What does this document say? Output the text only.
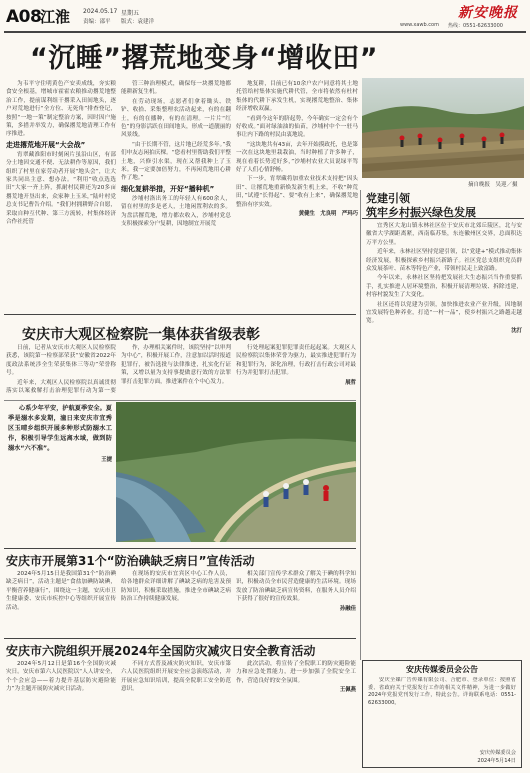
A08
江淮 2024.05.17 星期五
责编：邵平 版式：袁建洋
新安晚报
www.xawb.com 热线：0551-62633000
“沉睡”撂荒地变身“增收田”

为韦平守住明黄色产安卖成线，夯实粮食安全根基，增城市霍霍农粮推动撂荒地整治工作，提前谋利组干撂采入田间地头，逐户对荒地进行“全方位、无死角”排查登记，按照“一地一策”制定整治方案，因时因户施策，多措并举发力，确保撂荒地清理工作有序推进。

走进撂荒地开展“大会战”

宵翠藏淮阳市时刻闲片虽沿山区，有部分土地因交通不便、无法耕作等原因，我们组织了村里在家劳动者开展“地头会”，让大家共同出主意、想办法。“利用”收点选选田“大家一齐上阵，抓耐村民耕还为20多亩撂荒地开垦出来，众家种上玉米，”陆叶村党总支书记曹告介绍。“我们村拥耕野合自愿，采取自种互代种、第三方流转，村集体经济合作社托管

管三种治理模式，确保每一块撂荒地都能耕新复生机。

在劳动现场，志愿者们拿着锄头、铁铲、收拾、采集整理农活动起来，有的在翻土，有的在播种，有的在清理。一片片“红色”的身影活跃在田间地头，形成一道靓丽的风景线。

“由于长期不管，这片地已经荒多年。”我们申友志闲拍庆棵。“您看村里帮助我们平整土地，兴修引水渠，现在又帮我种上了玉米。我一定要加倍努力，不再闲荒地用心耕作了地。”

细化复耕举措，开好“播种机”

沙埔村洛出务工的年轻人有600余人，留在村里的多是老人，土地闲置利农的多。为盘活撂荒地，增力都农收入，沙埔村党总支积极探索分户复耕，因地制宜开展荒

地复耕，目前已有10余户农户同意将其土地托管给村集体实施代耕代管，全市将依然有杜村集体的代耕下承发生机，实现撂荒地整治、集体经济增收双赢。

“看到今这年的脐起势，今年确实一定会有个好收成。”面对绿油油的仙苗，沙埔村中个一驻马事让内下路的村民由衷地说。

“这块地共有43亩，去年开始摸政托，也是第一次在这块地里栽栽油，当时种植了许多种子，现在看着长势近好多，”沙埔村农业大员说绿平驾好了人们心情舒畅。

下一步，宵翠藏将加重农业技术支持把“因头田”、让撂荒地重新焕发新生机上来，不收“种荒田，”试遵“长得起”、要“收有上来”，确保撂荒地整治有序实效。

黄健生　尤良明　严玛巧

摘自晚报　吴迎／摄
党建引领
筑牢乡村振兴绿色发展

宜秀区大龙山镇永林社区位于安庆市北郊丘陵区，北与安徽省大学湖距离紧，西南临苏集，东连徽州区交界，总面积达万平方公里。

近年来，永林社区坚持党建引领，以“党建+”模式推动集体经济发展，积极探索乡村振兴新路子。社区党总支组织党员群众发展茶叶、苗木等特色产业，带领村民走上致富路。

今年以来，永林社区坚持把发展社大生态振兴当作重要抓手，扎实推进人居环境整治，积极开展清理垃圾、拆除违建，村容村貌发生了大变化。

社区还将以党建为引领，加快推进农业产业升级，因地制宜发展特色种养业，打造“一村一品”，使乡村振兴之路越走越宽。

沈打

安庆市大观区检察院一集体获省级表彰

日前，记者从安庆市大观区人民检察院获悉，该院第一检察部荣获“安徽省2022年度政法系统涉全生荣获集体三等功”荣誉称号。

近年来，大观区人民检察院以真诚贯彻落实以案救解打击治理犯罪行动为第一要

作，办理相关案件时，该院坚持“以审判为中心”，积极开展工作，注意加以活时报道犯罪行，被告选批与法律推进，扎实化行证策，又增以量为支持事提做意行效的方法罪罪打击犯罪方面，推进案件在个中心发力。

行处理起案犯罪犯罪责任起起案。大观区人民检察院以集体荣誉为驱力，最实推进犯罪行为和犯罪行为，深化治理，行政打击行政公司对最行为并犯罪打击犯罪。

展哲

心系少年平安，护航夏季安全。夏季是溺水多发期，潼日来安庆市宜秀区玉晴乡组织开展多种形式防溺水工作，积极引导学生远离水域，做到防溺水“六不准”。

王捷

安庆市开展第31个“防治碘缺乏病日”宣传活动

2024年5月15日是我国第31个“防治碘缺乏病日”，活动主题是“食盐加碘防缺碘，平衡营养健康行”，围绕这一主题，安庆市卫生健康委、安庆市疾控中心等组织开展宣传活动。

在现场的安庆市宜宾区中心工作人员，给各地群众详细讲解了碘缺乏病的危害及预防知识，积极采取措施，推进全市碘缺乏病防治工作持续健康发展。

相关部门宣传学术群众了解关于碘的科学知识，积极动员全市民营造健康的生活环境。现场发放了防治碘缺乏病宣传资料，在服务人员介绍下获得了很好的宣传效果。

孙融佳

安庆市六院组织开展2024年全国防灾减灾日安全教育活动

2024年5月12日是第16个全国防灾减灾日。安庆市第六人民医院以“人人讲安全，个个会应急——着力提升基层防灾避险能力”为主题开展防灾减灾日活动。

不同方式普及减灾防灾知识，安庆市第六人民医院组织开展安全应急演练活动，并开展应急知识培训，提高全院职工安全防范意识。

此次活动，将宣传了全院职工的防灾避险能力和应急处置能力，进一步加强了全院安全工作，营造良好的安全氛围。

王佩燕

安庆传媒委员会公告

安庆全媒广告传媒有限公司、合肥市、登录单位：按照省委、省政府关于党报发行工作的相关文件精神，为进一步做好2024年党报党刊发行工作，特此公告。详询联系电话：0551-62633000。

安庆传媒委员会
2024年5月14日
